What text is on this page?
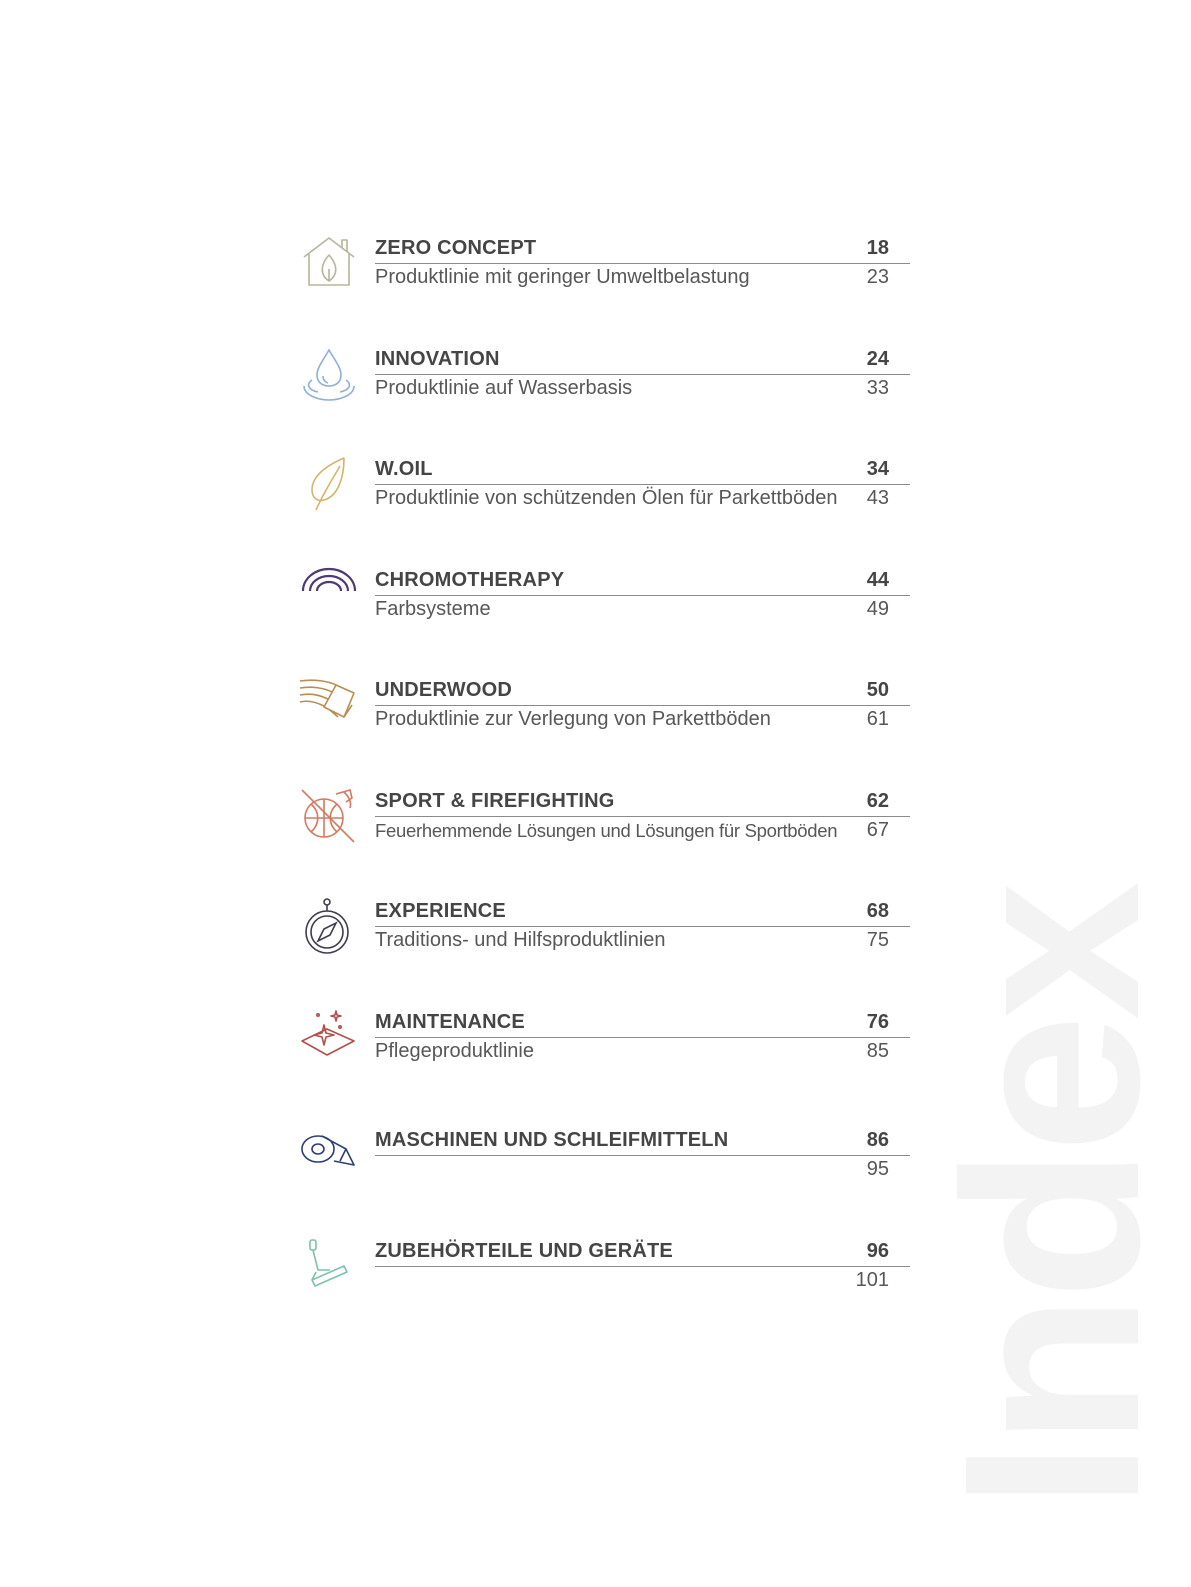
Index
ZERO CONCEPT	18
Produktlinie mit geringer Umweltbelastung	23
INNOVATION	24
Produktlinie auf Wasserbasis	33
W.OIL	34
Produktlinie von schützenden Ölen für Parkettböden 43
CHROMOTHERAPY	44
Farbsysteme	49
UNDERWOOD	50
Produktlinie zur Verlegung von Parkettböden	61
SPORT & FIREFIGHTING	62
Feuerhemmende Lösungen und Lösungen für Sportböden 67
EXPERIENCE	68
Traditions- und Hilfsproduktlinien	75
MAINTENANCE	76
Pflegeproduktlinie	85
MASCHINEN UND SCHLEIFMITTELN	86
95
ZUBEHÖRTEILE UND GERÄTE	96
101
